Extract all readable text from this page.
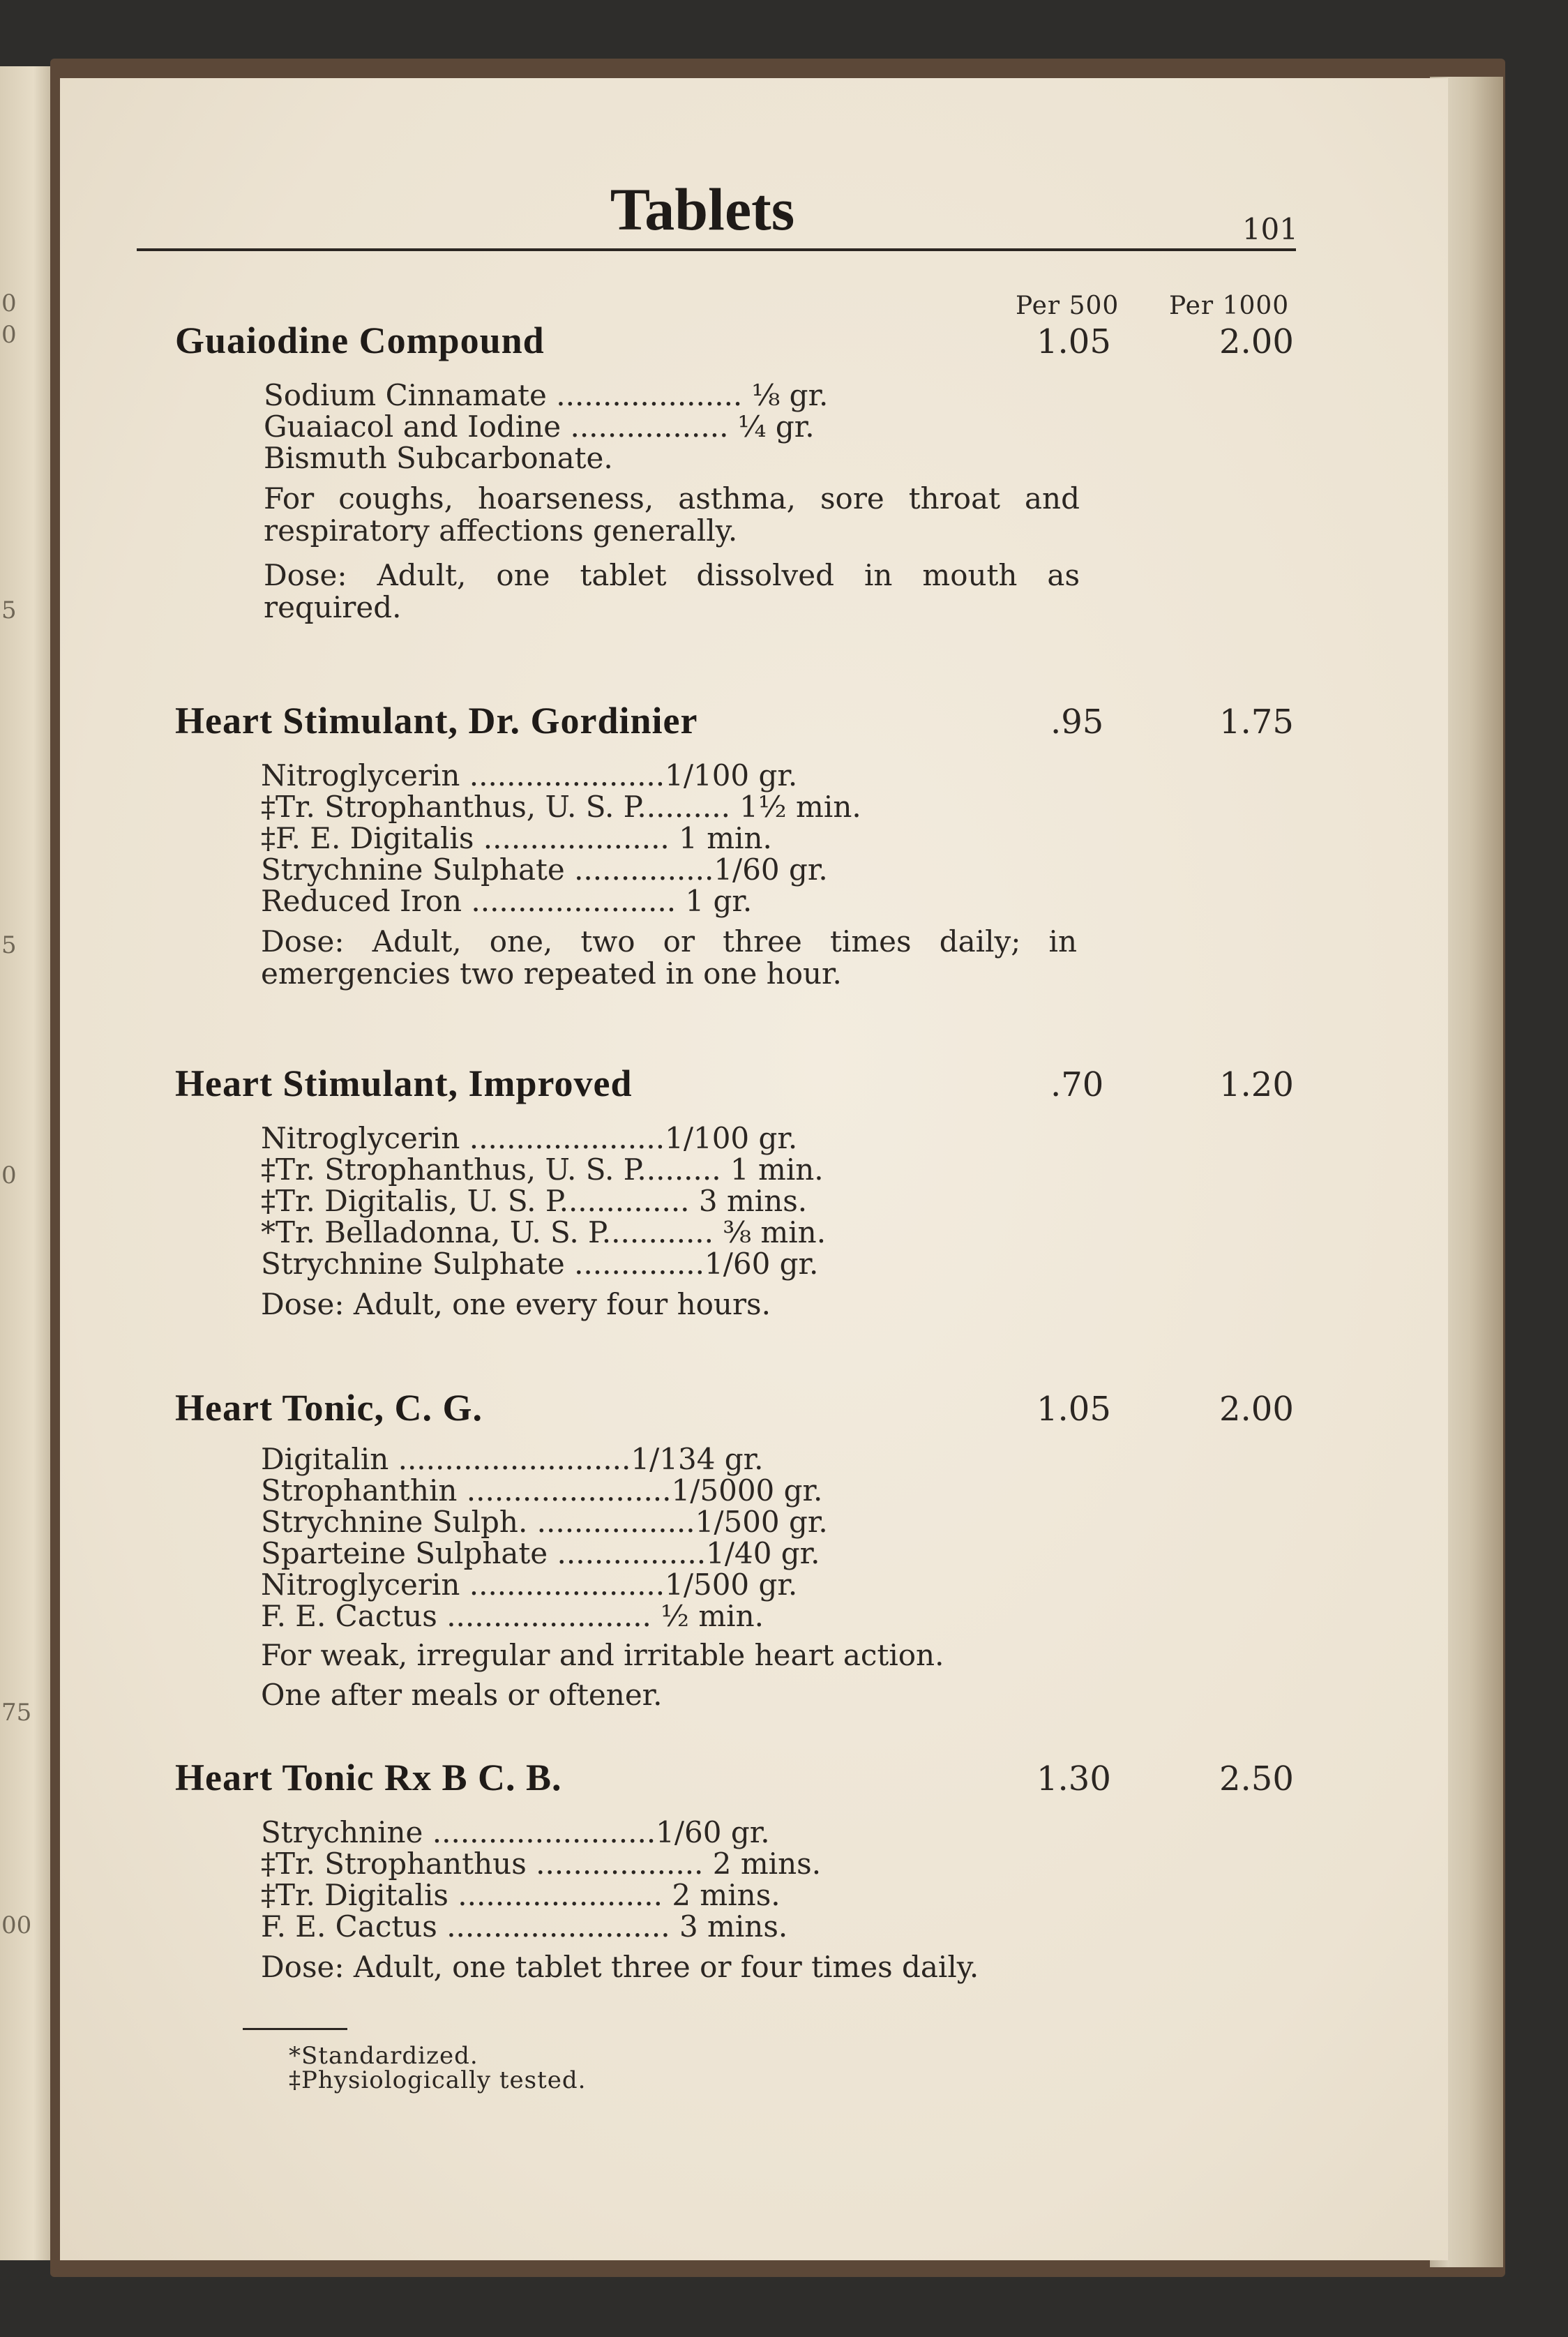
0
0
5
5
0
75
00
Tablets	101
Per 500 Per 1000
Guaiodine Compound	1.05	2.00
Sodium Cinnamate .................... ⅛ gr.
Guaiacol and Iodine ................. ¼ gr.
Bismuth Subcarbonate.
For coughs, hoarseness, asthma, sore throat and respiratory affections generally.
Dose: Adult, one tablet dissolved in mouth as required.
Heart Stimulant, Dr. Gordinier	.95	1.75
Nitroglycerin .....................1/100 gr.
‡Tr. Strophanthus, U. S. P.......... 1½ min.
‡F. E. Digitalis .................... 1 min.
Strychnine Sulphate ...............1/60 gr.
Reduced Iron ...................... 1 gr.
Dose: Adult, one, two or three times daily; in emergencies two repeated in one hour.
Heart Stimulant, Improved	.70	1.20
Nitroglycerin .....................1/100 gr.
‡Tr. Strophanthus, U. S. P......... 1 min.
‡Tr. Digitalis, U. S. P.............. 3 mins.
*Tr. Belladonna, U. S. P............ ⅜ min.
Strychnine Sulphate ..............1/60 gr.
Dose: Adult, one every four hours.
Heart Tonic, C. G.	1.05	2.00
Digitalin .........................1/134 gr.
Strophanthin ......................1/5000 gr.
Strychnine Sulph. .................1/500 gr.
Sparteine Sulphate ................1/40 gr.
Nitroglycerin .....................1/500 gr.
F. E. Cactus ...................... ½ min.
For weak, irregular and irritable heart action.
One after meals or oftener.
Heart Tonic Rx B C. B.	1.30	2.50
Strychnine ........................1/60 gr.
‡Tr. Strophanthus .................. 2 mins.
‡Tr. Digitalis ...................... 2 mins.
F. E. Cactus ........................ 3 mins.
Dose: Adult, one tablet three or four times daily.
*Standardized.
‡Physiologically tested.
